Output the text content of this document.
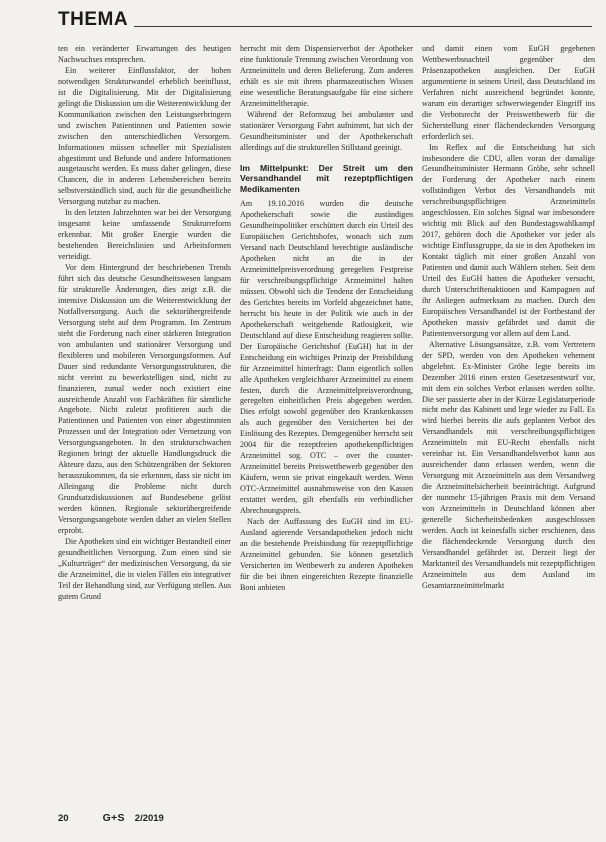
THEMA

ten ein veränderter Erwartungen des heutigen Nachwuchses entsprechen.

Ein weiterer Einflussfaktor, der hohen notwendigen Strukturwandel erheblich beeinflusst, ist die Digitalisierung. Mit der Digitalisierung gelingt die Diskussion um die Weiterentwicklung der Kommunikation zwischen den Leistungserbringern und zwischen Patientinnen und Patienten sowie zwischen den unterschiedlichen Versorgern. Informationen müssen schneller mit Spezialisten abgestimmt und Befunde und andere Informationen ausgetauscht werden. Es muss daher gelingen, diese Chancen, die in anderen Lebensbereichen bereits selbstverständlich sind, auch für die gesundheitliche Versorgung nutzbar zu machen.

In den letzten Jahrzehnten war bei der Versorgung insgesamt keine umfassende Strukturreform erkennbar. Mit großer Energie wurden die bestehenden Bereichslinien und Arbeitsformen verteidigt.

Vor dem Hintergrund der beschriebenen Trends führt sich das deutsche Gesundheitswesen langsam für strukturelle Änderungen, dies zeigt z.B. die intensive Diskussion um die Weiterentwicklung der Notfallversorgung. Auch die sektorübergreifende Versorgung steht auf dem Programm. Im Zentrum steht die Forderung nach einer stärkeren Integration von ambulanten und stationärer Versorgung und flexibleren und mobileren Versorgungsformen. Auf Dauer sind redundante Versorgungsstrukturen, die nicht vereint zu bewerkstelligen sind, nicht zu finanzieren, zumal weder noch existiert eine ausreichende Anzahl von Fachkräften für sämtliche Angebote. Nicht zuletzt profitieren auch die Patientinnen und Patienten von einer abgestimmten Prozessen und der Integration oder Vernetzung von Versorgungsangeboten. In den strukturschwachen Regionen bringt der aktuelle Handlungsdruck die Akteure dazu, aus den Schützengräben der Sektoren herauszukommen, da sie erkennen, dass sie nicht im Alleingang die Probleme nicht durch Grundsatzdiskussionen auf Bundesebene gelöst werden können. Regionale sektorübergreifende Versorgungsangebote werden daher an vielen Stellen erprobt.

Die Apotheken sind ein wichtiger Bestandteil einer gesundheitlichen Versorgung. Zum einen sind sie „Kulturträger“ der medizinischen Versorgung, da sie die Arzneimittel, die in vielen Fällen ein integrativer Teil der Behandlung sind, zur Verfügung stellen. Aus gutem Grund

herrscht mit dem Dispensierverbot der Apotheker eine funktionale Trennung zwischen Verordnung von Arzneimitteln und deren Belieferung. Zum anderen erhält es sie mit ihrem pharmazeutischen Wissen eine wesentliche Beratungsaufgabe für eine sichere Arzneimitteltherapie.

Während der Reformzug bei ambulanter und stationärer Versorgung Fahrt aufnimmt, hat sich der Gesundheitsminister und der Apothekerschaft allerdings auf die strukturellen Stillstand geeinigt.

Im Mittelpunkt: Der Streit um den Versandhandel mit rezeptpflichtigen Medikamenten

Am 19.10.2016 wurden die deutsche Apothekerschaft sowie die zuständigen Gesundheitspolitiker erschüttert durch ein Urteil des Europäischen Gerichtshofes, wonach sich zum Versand nach Deutschland berechtigte ausländische Apotheken nicht an die in der Arzneimittelpreisverordnung geregelten Festpreise für verschreibungspflichtige Arzneimittel halten müssen. Obwohl sich die Tendenz der Entscheidung des Gerichtes bereits im Vorfeld abgezeichnet hatte, herrscht bis heute in der Politik wie auch in der Apothekerschaft weitgehende Ratlosigkeit, wie Deutschland auf diese Entscheidung reagieren sollte. Der Europäische Gerichtshof (EuGH) hat in der Entscheidung ein wichtiges Prinzip der Preisbildung für Arzneimittel hinterfragt: Dann eigentlich sollen alle Apotheken vergleichbarer Arzneimittel zu einem festen, durch die Arzneimittelpreisverordnung, geregelten einheitlichen Preis abgegeben werden. Dies erfolgt sowohl gegenüber den Krankenkassen als auch gegenüber den Versicherten bei der Einlösung des Rezeptes. Demgegenüber herrscht seit 2004 für die rezeptfreien apothekenpflichtigen Arzneimittel sog. OTC – over the counter-Arzneimittel bereits Preiswettbewerb gegenüber den Käufern, wenn sie privat eingekauft werden. Wenn OTC-Arzneimittel ausnahmsweise von den Kassen erstattet werden, gilt ebenfalls ein verbindlicher Abrechnungspreis.

Nach der Auffassung des EuGH sind im EU-Ausland agierende Versandapotheken jedoch nicht an die bestehende Preisbindung für rezeptpflichtige Arzneimittel gebunden. Sie können gesetzlich Versicherten im Wettbewerb zu anderen Apotheken für die bei ihnen eingereichten Rezepte finanzielle Boni anbieten

und damit einen vom EuGH gegebenen Wettbewerbsnachteil gegenüber den Präsenzapotheken ausgleichen. Der EuGH argumentierte in seinem Urteil, dass Deutschland im Verfahren nicht ausreichend begründet konnte, warum ein derartiger schwerwiegender Eingriff ins die Verbotsrecht der Preiswettbewerb für die Sicherstellung einer flächendeckenden Versorgung erforderlich sei.

Im Reflex auf die Entscheidung hat sich insbesondere die CDU, allen voran der damalige Gesundheitsminister Hermann Gröhe, sehr schnell der Forderung der Apotheker nach einem vollständigen Verbot des Versandhandels mit verschreibungspflichtigen Arzneimitteln angeschlossen. Ein solches Signal war insbesondere wichtig mit Blick auf den Bundestagswahlkampf 2017, gehören doch die Apotheker vor jeder als wichtige Einflussgruppe, da sie in den Apotheken im Kontakt täglich mit einer großen Anzahl von Patienten und damit auch Wählern stehen. Seit dem Urteil des EuGH hatten die Apotheker versucht, durch Unterschriftenaktionen und Kampagnen auf ihr Anliegen aufmerksam zu machen. Durch den Europäischen Versandhandel ist der Fortbestand der Apotheken massiv gefährdet und damit die Patientenversorgung vor allem auf dem Land.

Alternative Lösungsansätze, z.B. vom Vertretern der SPD, werden von den Apotheken vehement abgelehnt. Ex-Minister Gröhe legte bereits im Dezember 2016 einen ersten Gesetzesentwurf vor, mit dem ein solches Verbot erlassen werden sollte. Die ser passierte aber in der Kürze Legislaturperiode nicht mehr das Kabinett und lege wieder zu Fall. Es wird hierbei bereits die aufs geplanten Verbot des Versandhandels mit verschreibungspflichtigen Arzneimitteln mit EU-Recht ebenfalls nicht vereinbar ist. Ein Versandhandelsverbot kann aus ausreichender dann erlassen werden, wenn die Versorgung mit Arzneimitteln aus dem Versandweg die Arzneimittelsicherheit beeinträchtigt. Aufgrund der nunmehr 15-jährigen Praxis mit dem Versand von Arzneimitteln in Deutschland können aber generelle Sicherheitsbedenken ausgeschlossen werden. Auch ist keinesfalls sicher erschienen, dass die flächendeckende Versorgung durch den Versandhandel gefährdet ist. Derzeit liegt der Marktanteil des Versandhandels mit rezeptpflichtigen Arzneimitteln aus dem Ausland im Gesamtarzneimittelmarkt

20	G+S 2/2019
